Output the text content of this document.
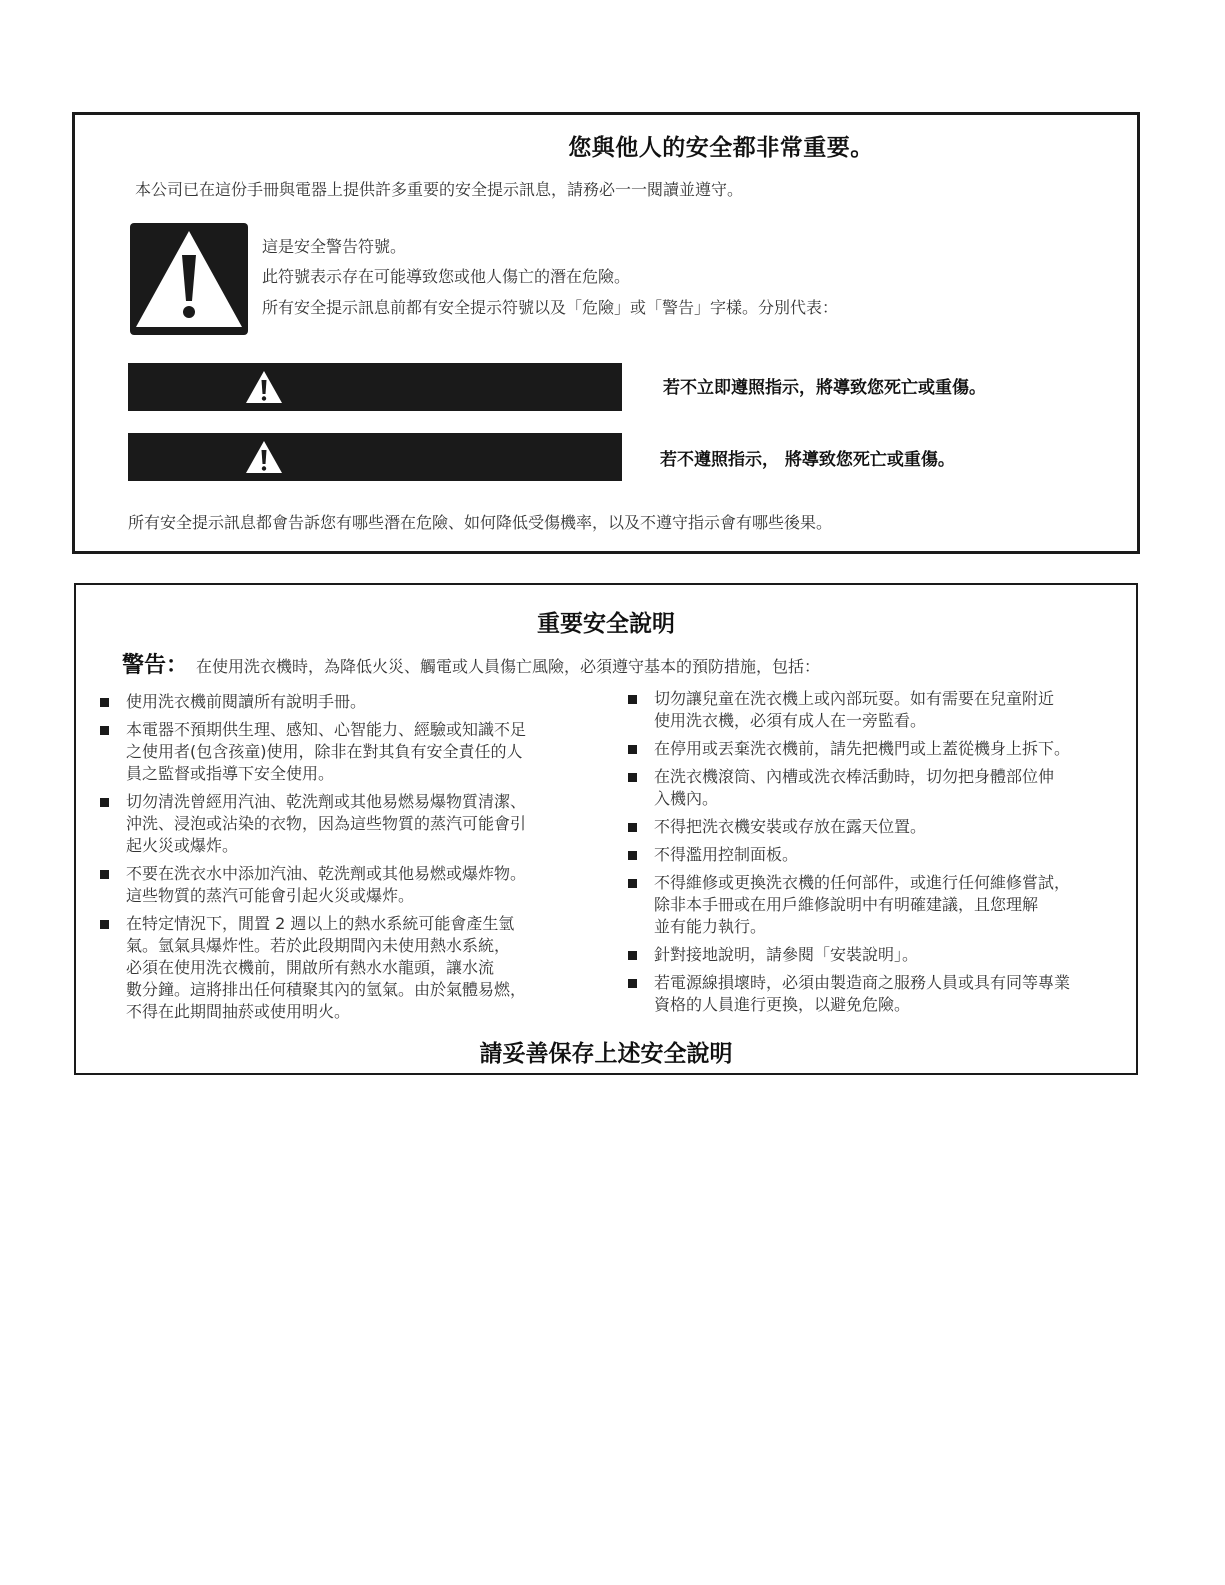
您與他人的安全都非常重要。
本公司已在這份手冊與電器上提供許多重要的安全提示訊息，請務必一一閱讀並遵守。
這是安全警告符號。
此符號表示存在可能導致您或他人傷亡的潛在危險。
所有安全提示訊息前都有安全提示符號以及「危險」或「警告」字樣。分別代表：
若不立即遵照指示，將導致您死亡或重傷。
若不遵照指示， 將導致您死亡或重傷。
所有安全提示訊息都會告訴您有哪些潛在危險、如何降低受傷機率，以及不遵守指示會有哪些後果。
重要安全說明
警告： 在使用洗衣機時，為降低火災、觸電或人員傷亡風險，必須遵守基本的預防措施，包括：
使用洗衣機前閱讀所有說明手冊。
本電器不預期供生理、感知、心智能力、經驗或知識不足
之使用者(包含孩童)使用，除非在對其負有安全責任的人
員之監督或指導下安全使用。
切勿清洗曾經用汽油、乾洗劑或其他易燃易爆物質清潔、
沖洗、浸泡或沾染的衣物，因為這些物質的蒸汽可能會引
起火災或爆炸。
不要在洗衣水中添加汽油、乾洗劑或其他易燃或爆炸物。
這些物質的蒸汽可能會引起火災或爆炸。
在特定情況下，閒置 2 週以上的熱水系統可能會產生氫
氣。氫氣具爆炸性。若於此段期間內未使用熱水系統，
必須在使用洗衣機前，開啟所有熱水水龍頭，讓水流
數分鐘。這將排出任何積聚其內的氫氣。由於氣體易燃，
不得在此期間抽菸或使用明火。
切勿讓兒童在洗衣機上或內部玩耍。如有需要在兒童附近
使用洗衣機，必須有成人在一旁監看。
在停用或丟棄洗衣機前，請先把機門或上蓋從機身上拆下。
在洗衣機滾筒、內槽或洗衣棒活動時，切勿把身體部位伸
入機內。
不得把洗衣機安裝或存放在露天位置。
不得濫用控制面板。
不得維修或更換洗衣機的任何部件，或進行任何維修嘗試，
除非本手冊或在用戶維修說明中有明確建議，且您理解
並有能力執行。
針對接地說明，請參閱「安裝說明」。
若電源線損壞時，必須由製造商之服務人員或具有同等專業
資格的人員進行更換，以避免危險。
請妥善保存上述安全說明
